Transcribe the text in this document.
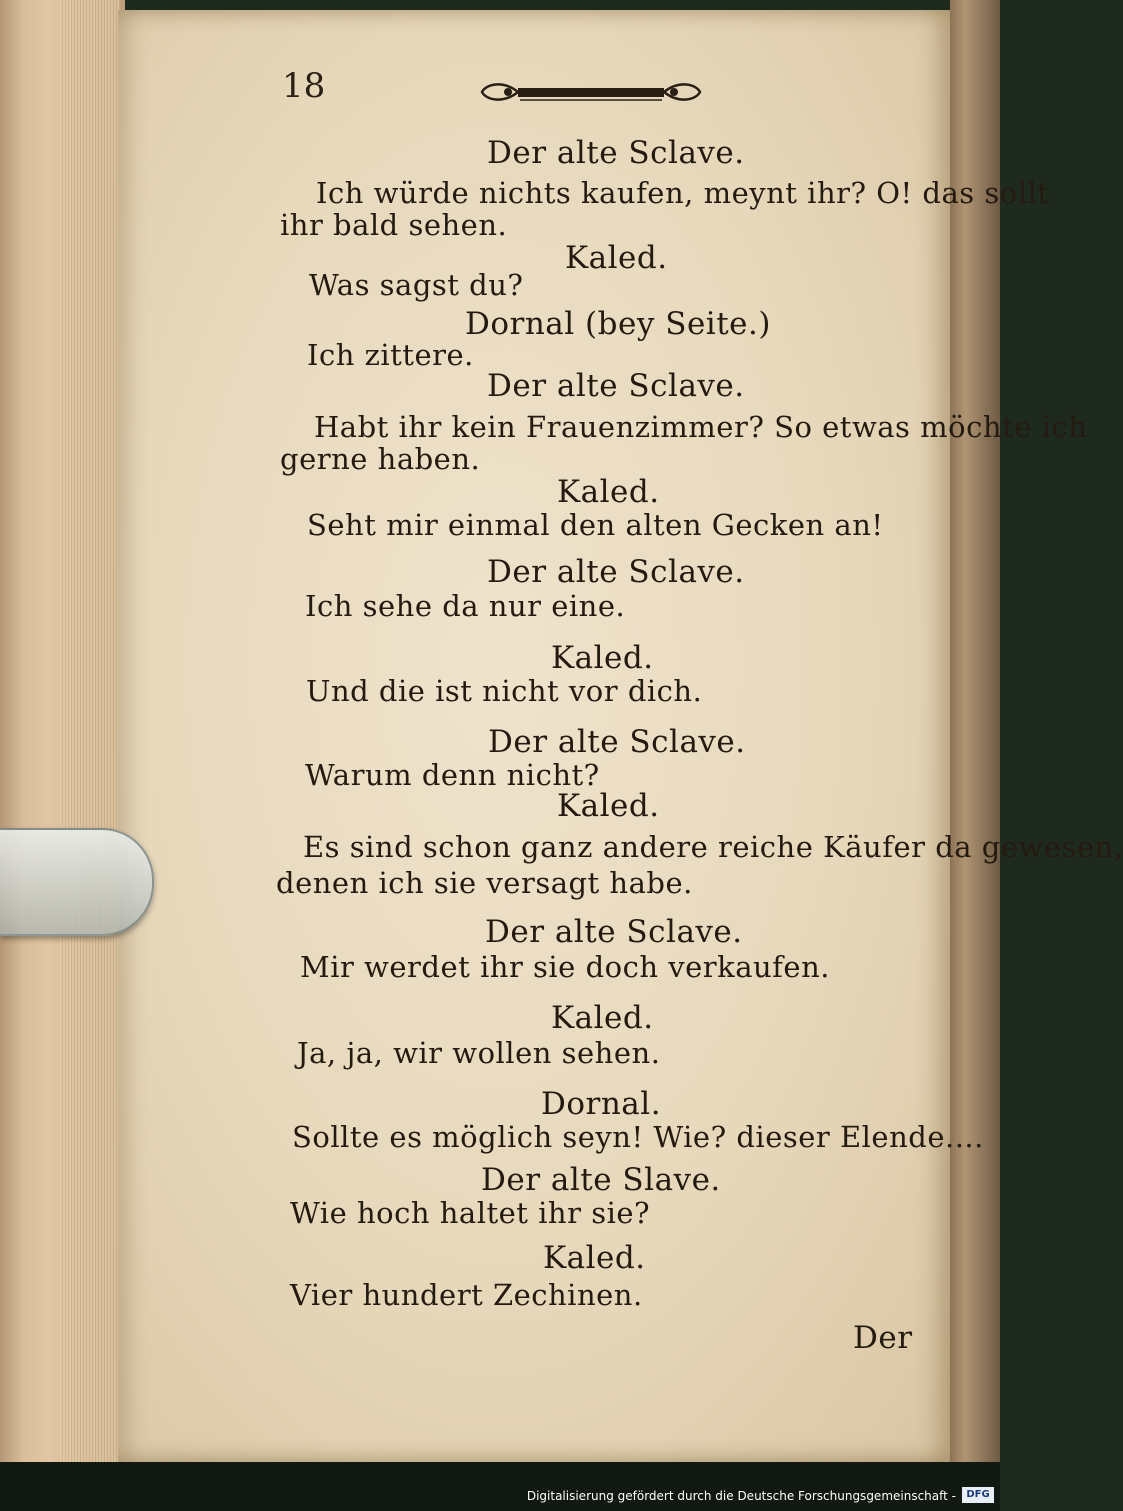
18
Der alte Sclave.
Ich würde nichts kaufen, meynt ihr? O! das sollt
ihr bald sehen.
Kaled.
Was sagst du?
Dornal (bey Seite.)
Ich zittere.
Der alte Sclave.
Habt ihr kein Frauenzimmer? So etwas möchte ich
gerne haben.
Kaled.
Seht mir einmal den alten Gecken an!
Der alte Sclave.
Ich sehe da nur eine.
Kaled.
Und die ist nicht vor dich.
Der alte Sclave.
Warum denn nicht?
Kaled.
Es sind schon ganz andere reiche Käufer da gewesen,
denen ich sie versagt habe.
Der alte Sclave.
Mir werdet ihr sie doch verkaufen.
Kaled.
Ja, ja, wir wollen sehen.
Dornal.
Sollte es möglich seyn! Wie? dieser Elende....
Der alte Slave.
Wie hoch haltet ihr sie?
Kaled.
Vier hundert Zechinen.
Der
Digitalisierung gefördert durch die Deutsche Forschungsgemeinschaft -	DFG
